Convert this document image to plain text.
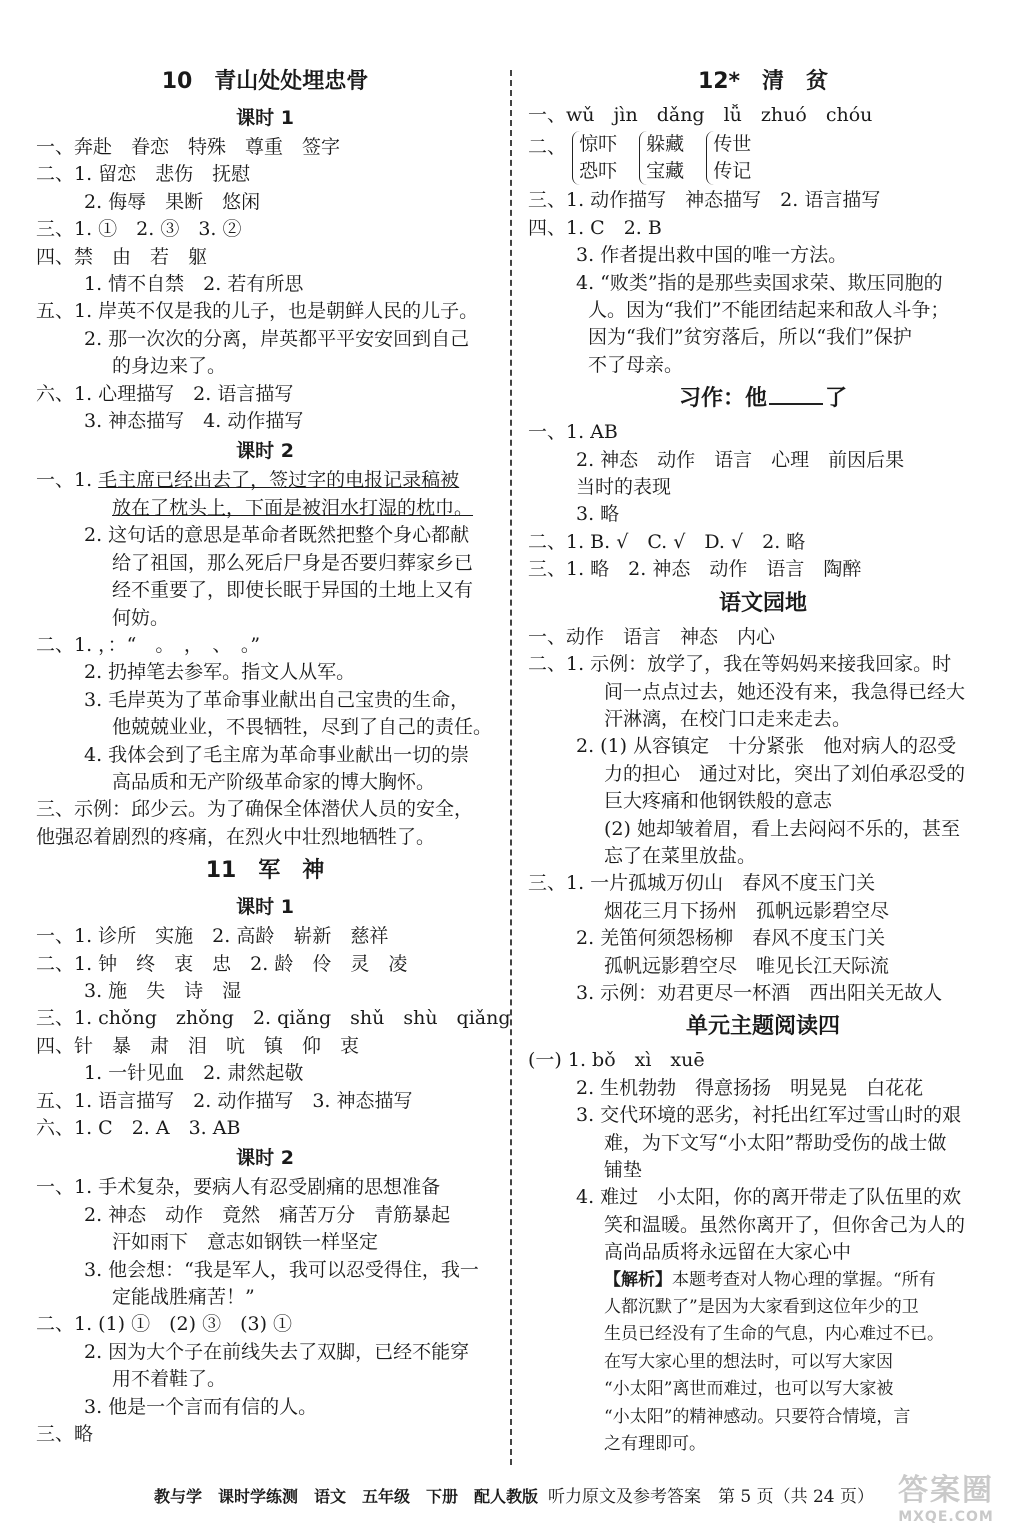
10　青山处处埋忠骨
课时 1
一、奔赴　眷恋　特殊　尊重　签字
二、1. 留恋　悲伤　抚慰
2. 侮辱　果断　悠闲
三、1. ①　2. ③　3. ②
四、禁　由　若　躯
1. 情不自禁　2. 若有所思
五、1. 岸英不仅是我的儿子，也是朝鲜人民的儿子。
2. 那一次次的分离，岸英都平平安安回到自己
的身边来了。
六、1. 心理描写　2. 语言描写
3. 神态描写　4. 动作描写
课时 2
一、1. 毛主席已经出去了，签过字的电报记录稿被
放在了枕头上，下面是被泪水打湿的枕巾。
2. 这句话的意思是革命者既然把整个身心都献
给了祖国，那么死后尸身是否要归葬家乡已
经不重要了，即使长眠于异国的土地上又有
何妨。
二、1. ，：“　。　，　、　。”
2. 扔掉笔去参军。指文人从军。
3. 毛岸英为了革命事业献出自己宝贵的生命，
他兢兢业业，不畏牺牲，尽到了自己的责任。
4. 我体会到了毛主席为革命事业献出一切的崇
高品质和无产阶级革命家的博大胸怀。
三、示例：邱少云。为了确保全体潜伏人员的安全，
他强忍着剧烈的疼痛，在烈火中壮烈地牺牲了。
11　军　神
课时 1
一、1. 诊所　实施　2. 高龄　崭新　慈祥
二、1. 钟　终　衷　忠　2. 龄　伶　灵　凌
3. 施　失　诗　湿
三、1. chǒng　zhǒng　2. qiǎng　shǔ　shù　qiǎng
四、针　暴　肃　泪　吭　镇　仰　衷
1. 一针见血　2. 肃然起敬
五、1. 语言描写　2. 动作描写　3. 神态描写
六、1. C　2. A　3. AB
课时 2
一、1. 手术复杂，要病人有忍受剧痛的思想准备
2. 神态　动作　竟然　痛苦万分　青筋暴起
汗如雨下　意志如钢铁一样坚定
3. 他会想：“我是军人，我可以忍受得住，我一
定能战胜痛苦！”
二、1. (1) ①　(2) ③　(3) ①
2. 因为大个子在前线失去了双脚，已经不能穿
用不着鞋了。
3. 他是一个言而有信的人。
三、略
12*　清　贫
一、wǔ　jìn　dǎng　lǚ　zhuó　chóu
二、 惊吓
恐吓

躲藏
宝藏

传世
传记
三、1. 动作描写　神态描写　2. 语言描写
四、1. C　2. B
3. 作者提出救中国的唯一方法。
4. “败类”指的是那些卖国求荣、欺压同胞的
人。因为“我们”不能团结起来和敌人斗争；
因为“我们”贫穷落后，所以“我们”保护
不了母亲。
习作：他	了
一、1. AB
2. 神态　动作　语言　心理　前因后果
当时的表现
3. 略
二、1. B. √　C. √　D. √　2. 略
三、1. 略　2. 神态　动作　语言　陶醉
语文园地
一、动作　语言　神态　内心
二、1. 示例：放学了，我在等妈妈来接我回家。时
间一点点过去，她还没有来，我急得已经大
汗淋漓，在校门口走来走去。
2. (1) 从容镇定　十分紧张　他对病人的忍受
力的担心　通过对比，突出了刘伯承忍受的
巨大疼痛和他钢铁般的意志
(2) 她却皱着眉，看上去闷闷不乐的，甚至
忘了在菜里放盐。
三、1. 一片孤城万仞山　春风不度玉门关
烟花三月下扬州　孤帆远影碧空尽
2. 羌笛何须怨杨柳　春风不度玉门关
孤帆远影碧空尽　唯见长江天际流
3. 示例：劝君更尽一杯酒　西出阳关无故人
单元主题阅读四
(一) 1. bǒ　xì　xuē
2. 生机勃勃　得意扬扬　明晃晃　白花花
3. 交代环境的恶劣，衬托出红军过雪山时的艰
难，为下文写“小太阳”帮助受伤的战士做
铺垫
4. 难过　小太阳，你的离开带走了队伍里的欢
笑和温暖。虽然你离开了，但你舍己为人的
高尚品质将永远留在大家心中
【解析】本题考查对人物心理的掌握。“所有
人都沉默了”是因为大家看到这位年少的卫
生员已经没有了生命的气息，内心难过不已。
在写大家心里的想法时，可以写大家因
“小太阳”离世而难过，也可以写大家被
“小太阳”的精神感动。只要符合情境，言
之有理即可。
教与学　课时学练测　语文　五年级　下册　配人教版 听力原文及参考答案　第 5 页（共 24 页） 答案圈
MXQE.COM
